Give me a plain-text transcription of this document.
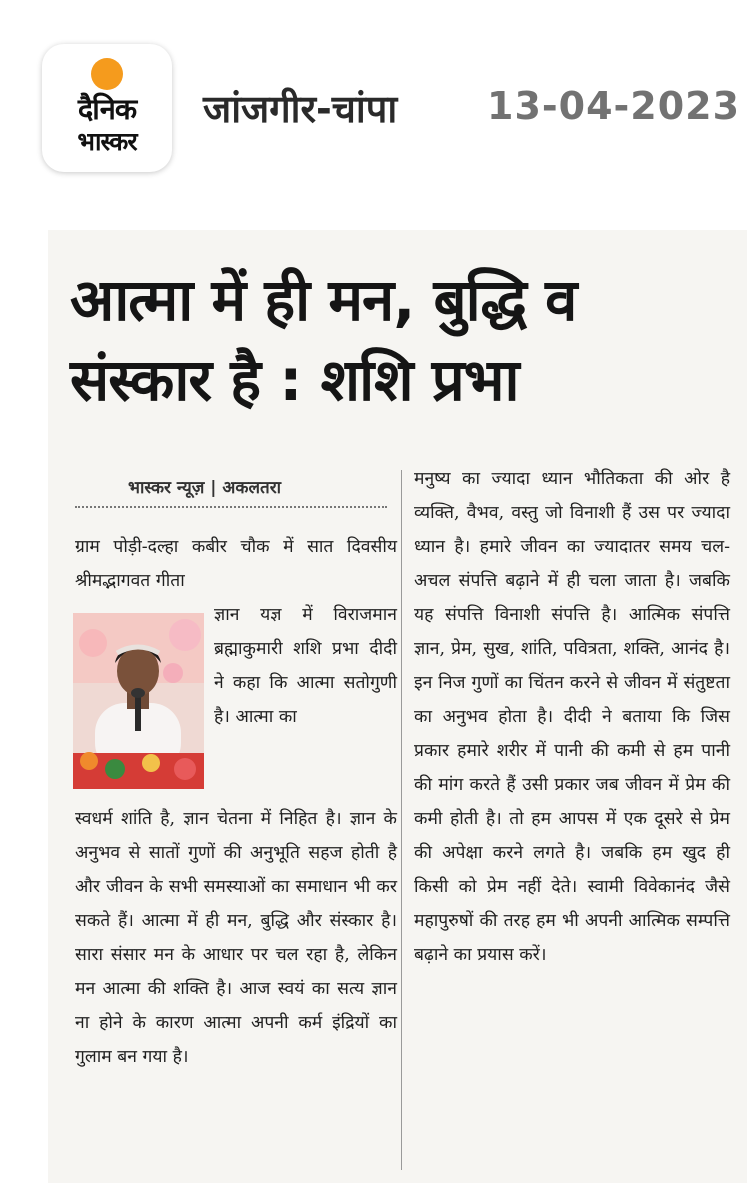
दैनिक
भास्कर
जांजगीर-चांपा 13-04-2023
आत्मा में ही मन, बुद्धि व
संस्कार है : शशि प्रभा
भास्कर न्यूज़ | अकलतरा

ग्राम पोड़ी-दल्हा कबीर चौक में सात दिवसीय श्रीमद्भागवत गीता

ज्ञान यज्ञ में विराजमान ब्रह्माकुमारी शशि प्रभा दीदी ने कहा कि आत्मा सतोगुणी है। आत्मा का

स्वधर्म शांति है, ज्ञान चेतना में निहित है। ज्ञान के अनुभव से सातों गुणों की अनुभूति सहज होती है और जीवन के सभी समस्याओं का समाधान भी कर सकते हैं। आत्मा में ही मन, बुद्धि और संस्कार है। सारा संसार मन के आधार पर चल रहा है, लेकिन मन आत्मा की शक्ति है। आज स्वयं का सत्य ज्ञान ना होने के कारण आत्मा अपनी कर्म इंद्रियों का गुलाम बन गया है।

मनुष्य का ज्यादा ध्यान भौतिकता की ओर है व्यक्ति, वैभव, वस्तु जो विनाशी हैं उस पर ज्यादा ध्यान है। हमारे जीवन का ज्यादातर समय चल-अचल संपत्ति बढ़ाने में ही चला जाता है। जबकि यह संपत्ति विनाशी संपत्ति है। आत्मिक संपत्ति ज्ञान, प्रेम, सुख, शांति, पवित्रता, शक्ति, आनंद है। इन निज गुणों का चिंतन करने से जीवन में संतुष्टता का अनुभव होता है। दीदी ने बताया कि जिस प्रकार हमारे शरीर में पानी की कमी से हम पानी की मांग करते हैं उसी प्रकार जब जीवन में प्रेम की कमी होती है। तो हम आपस में एक दूसरे से प्रेम की अपेक्षा करने लगते है। जबकि हम खुद ही किसी को प्रेम नहीं देते। स्वामी विवेकानंद जैसे महापुरुषों की तरह हम भी अपनी आत्मिक सम्पत्ति बढ़ाने का प्रयास करें।
